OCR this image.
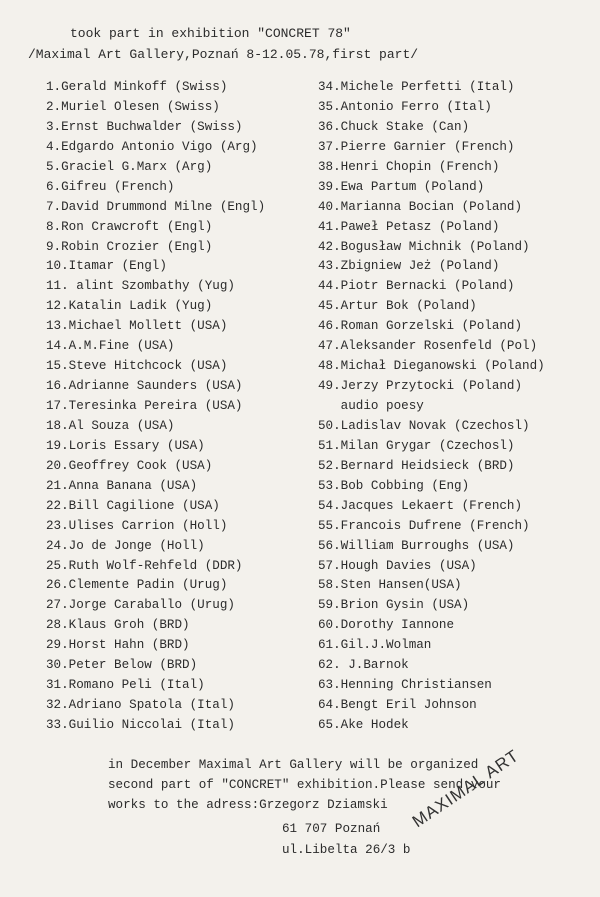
took part in exhibition "CONCRET 78"
/Maximal Art Gallery,Poznań 8-12.05.78,first part/
1.Gerald Minkoff (Swiss)
2.Muriel Olesen (Swiss)
3.Ernst Buchwalder (Swiss)
4.Edgardo Antonio Vigo (Arg)
5.Graciel G.Marx (Arg)
6.Gifreu (French)
7.David Drummond Milne (Engl)
8.Ron Crawcroft (Engl)
9.Robin Crozier (Engl)
10.Itamar (Engl)
11. alint Szombathy (Yug)
12.Katalin Ladik (Yug)
13.Michael Mollett (USA)
14.A.M.Fine (USA)
15.Steve Hitchcock (USA)
16.Adrianne Saunders (USA)
17.Teresinka Pereira (USA)
18.Al Souza (USA)
19.Loris Essary (USA)
20.Geoffrey Cook (USA)
21.Anna Banana (USA)
22.Bill Cagilione (USA)
23.Ulises Carrion (Holl)
24.Jo de Jonge (Holl)
25.Ruth Wolf-Rehfeld (DDR)
26.Clemente Padin (Urug)
27.Jorge Caraballo (Urug)
28.Klaus Groh (BRD)
29.Horst Hahn (BRD)
30.Peter Below (BRD)
31.Romano Peli (Ital)
32.Adriano Spatola (Ital)
33.Guilio Niccolai (Ital)
34.Michele Perfetti (Ital)
35.Antonio Ferro (Ital)
36.Chuck Stake (Can)
37.Pierre Garnier (French)
38.Henri Chopin (French)
39.Ewa Partum (Poland)
40.Marianna Bocian (Poland)
41.Paweł Petasz (Poland)
42.Bogusław Michnik (Poland)
43.Zbigniew Jeż (Poland)
44.Piotr Bernacki (Poland)
45.Artur Bok (Poland)
46.Roman Gorzelski (Poland)
47.Aleksander Rosenfeld (Pol)
48.Michał Dieganowski (Poland)
49.Jerzy Przytocki (Poland)
audio poesy
50.Ladislav Novak (Czechosl)
51.Milan Grygar (Czechosl)
52.Bernard Heidsieck (BRD)
53.Bob Cobbing (Eng)
54.Jacques Lekaert (French)
55.Francois Dufrene (French)
56.William Burroughs (USA)
57.Hough Davies (USA)
58.Sten Hansen(USA)
59.Brion Gysin (USA)
60.Dorothy Iannone
61.Gil.J.Wolman
62. J.Barnok
63.Henning Christiansen
64.Bengt Eril Johnson
65.Ake Hodek
in December Maximal Art Gallery will be organized
second part of "CONCRET" exhibition.Please send your
works to the adress:Grzegorz Dziamski
61 707 Poznań
ul.Libelta 26/3 b
MAXIMAL ART
